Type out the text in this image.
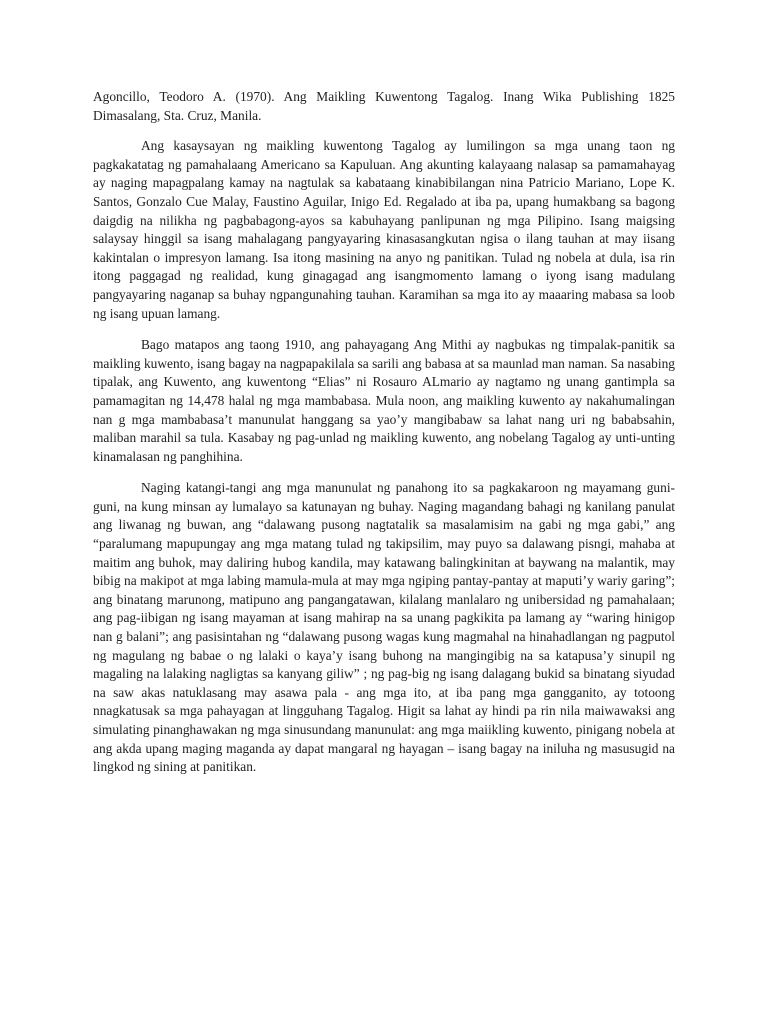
Agoncillo, Teodoro A. (1970). Ang Maikling Kuwentong Tagalog. Inang Wika Publishing 1825 Dimasalang, Sta. Cruz, Manila.

Ang kasaysayan ng maikling kuwentong Tagalog ay lumilingon sa mga unang taon ng pagkakatatag ng pamahalaang Americano sa Kapuluan. Ang akunting kalayaang nalasap sa pamamahayag ay naging mapagpalang kamay na nagtulak sa kabataang kinabibilangan nina Patricio Mariano, Lope K. Santos, Gonzalo Cue Malay, Faustino Aguilar, Inigo Ed. Regalado at iba pa, upang humakbang sa bagong daigdig na nilikha ng pagbabagong-ayos sa kabuhayang panlipunan ng mga Pilipino. Isang maigsing salaysay hinggil sa isang mahalagang pangyayaring kinasasangkutan ngisa o ilang tauhan at may iisang kakintalan o impresyon lamang. Isa itong masining na anyo ng panitikan. Tulad ng nobela at dula, isa rin itong paggagad ng realidad, kung ginagagad ang isangmomento lamang o iyong isang madulang pangyayaring naganap sa buhay ngpangunahing tauhan. Karamihan sa mga ito ay maaaring mabasa sa loob ng isang upuan lamang.

Bago matapos ang taong 1910, ang pahayagang Ang Mithi ay nagbukas ng timpalak-panitik sa maikling kuwento, isang bagay na nagpapakilala sa sarili ang babasa at sa maunlad man naman. Sa nasabing tipalak, ang Kuwento, ang kuwentong “Elias” ni Rosauro ALmario ay nagtamo ng unang gantimpla sa pamamagitan ng 14,478 halal ng mga mambabasa. Mula noon, ang maikling kuwento ay nakahumalingan nan g mga mambabasa’t manunulat hanggang sa yao’y mangibabaw sa lahat nang uri ng bababsahin, maliban marahil sa tula. Kasabay ng pag-unlad ng maikling kuwento, ang nobelang Tagalog ay unti-unting kinamalasan ng panghihina.

Naging katangi-tangi ang mga manunulat ng panahong ito sa pagkakaroon ng mayamang guni-guni, na kung minsan ay lumalayo sa katunayan ng buhay. Naging magandang bahagi ng kanilang panulat ang liwanag ng buwan, ang “dalawang pusong nagtatalik sa masalamisim na gabi ng mga gabi,” ang “paralumang mapupungay ang mga matang tulad ng takipsilim, may puyo sa dalawang pisngi, mahaba at maitim ang buhok, may daliring hubog kandila, may katawang balingkinitan at baywang na malantik, may bibig na makipot at mga labing mamula-mula at may mga ngiping pantay-pantay at maputi’y wariy garing”; ang binatang marunong, matipuno ang pangangatawan, kilalang manlalaro ng unibersidad ng pamahalaan; ang pag-iibigan ng isang mayaman at isang mahirap na sa unang pagkikita pa lamang ay “waring hinigop nan g balani”; ang pasisintahan ng “dalawang pusong wagas kung magmahal na hinahadlangan ng pagputol ng magulang ng babae o ng lalaki o kaya’y isang buhong na mangingibig na sa katapusa’y sinupil ng magaling na lalaking nagligtas sa kanyang giliw” ; ng pag-big ng isang dalagang bukid sa binatang siyudad na saw akas natuklasang may asawa pala - ang mga ito, at iba pang mga gangganito, ay totoong nnagkatusak sa mga pahayagan at lingguhang Tagalog. Higit sa lahat ay hindi pa rin nila maiwawaksi ang simulating pinanghawakan ng mga sinusundang manunulat: ang mga maiikling kuwento, pinigang nobela at ang akda upang maging maganda ay dapat mangaral ng hayagan – isang bagay na iniluha ng masusugid na lingkod ng sining at panitikan.
